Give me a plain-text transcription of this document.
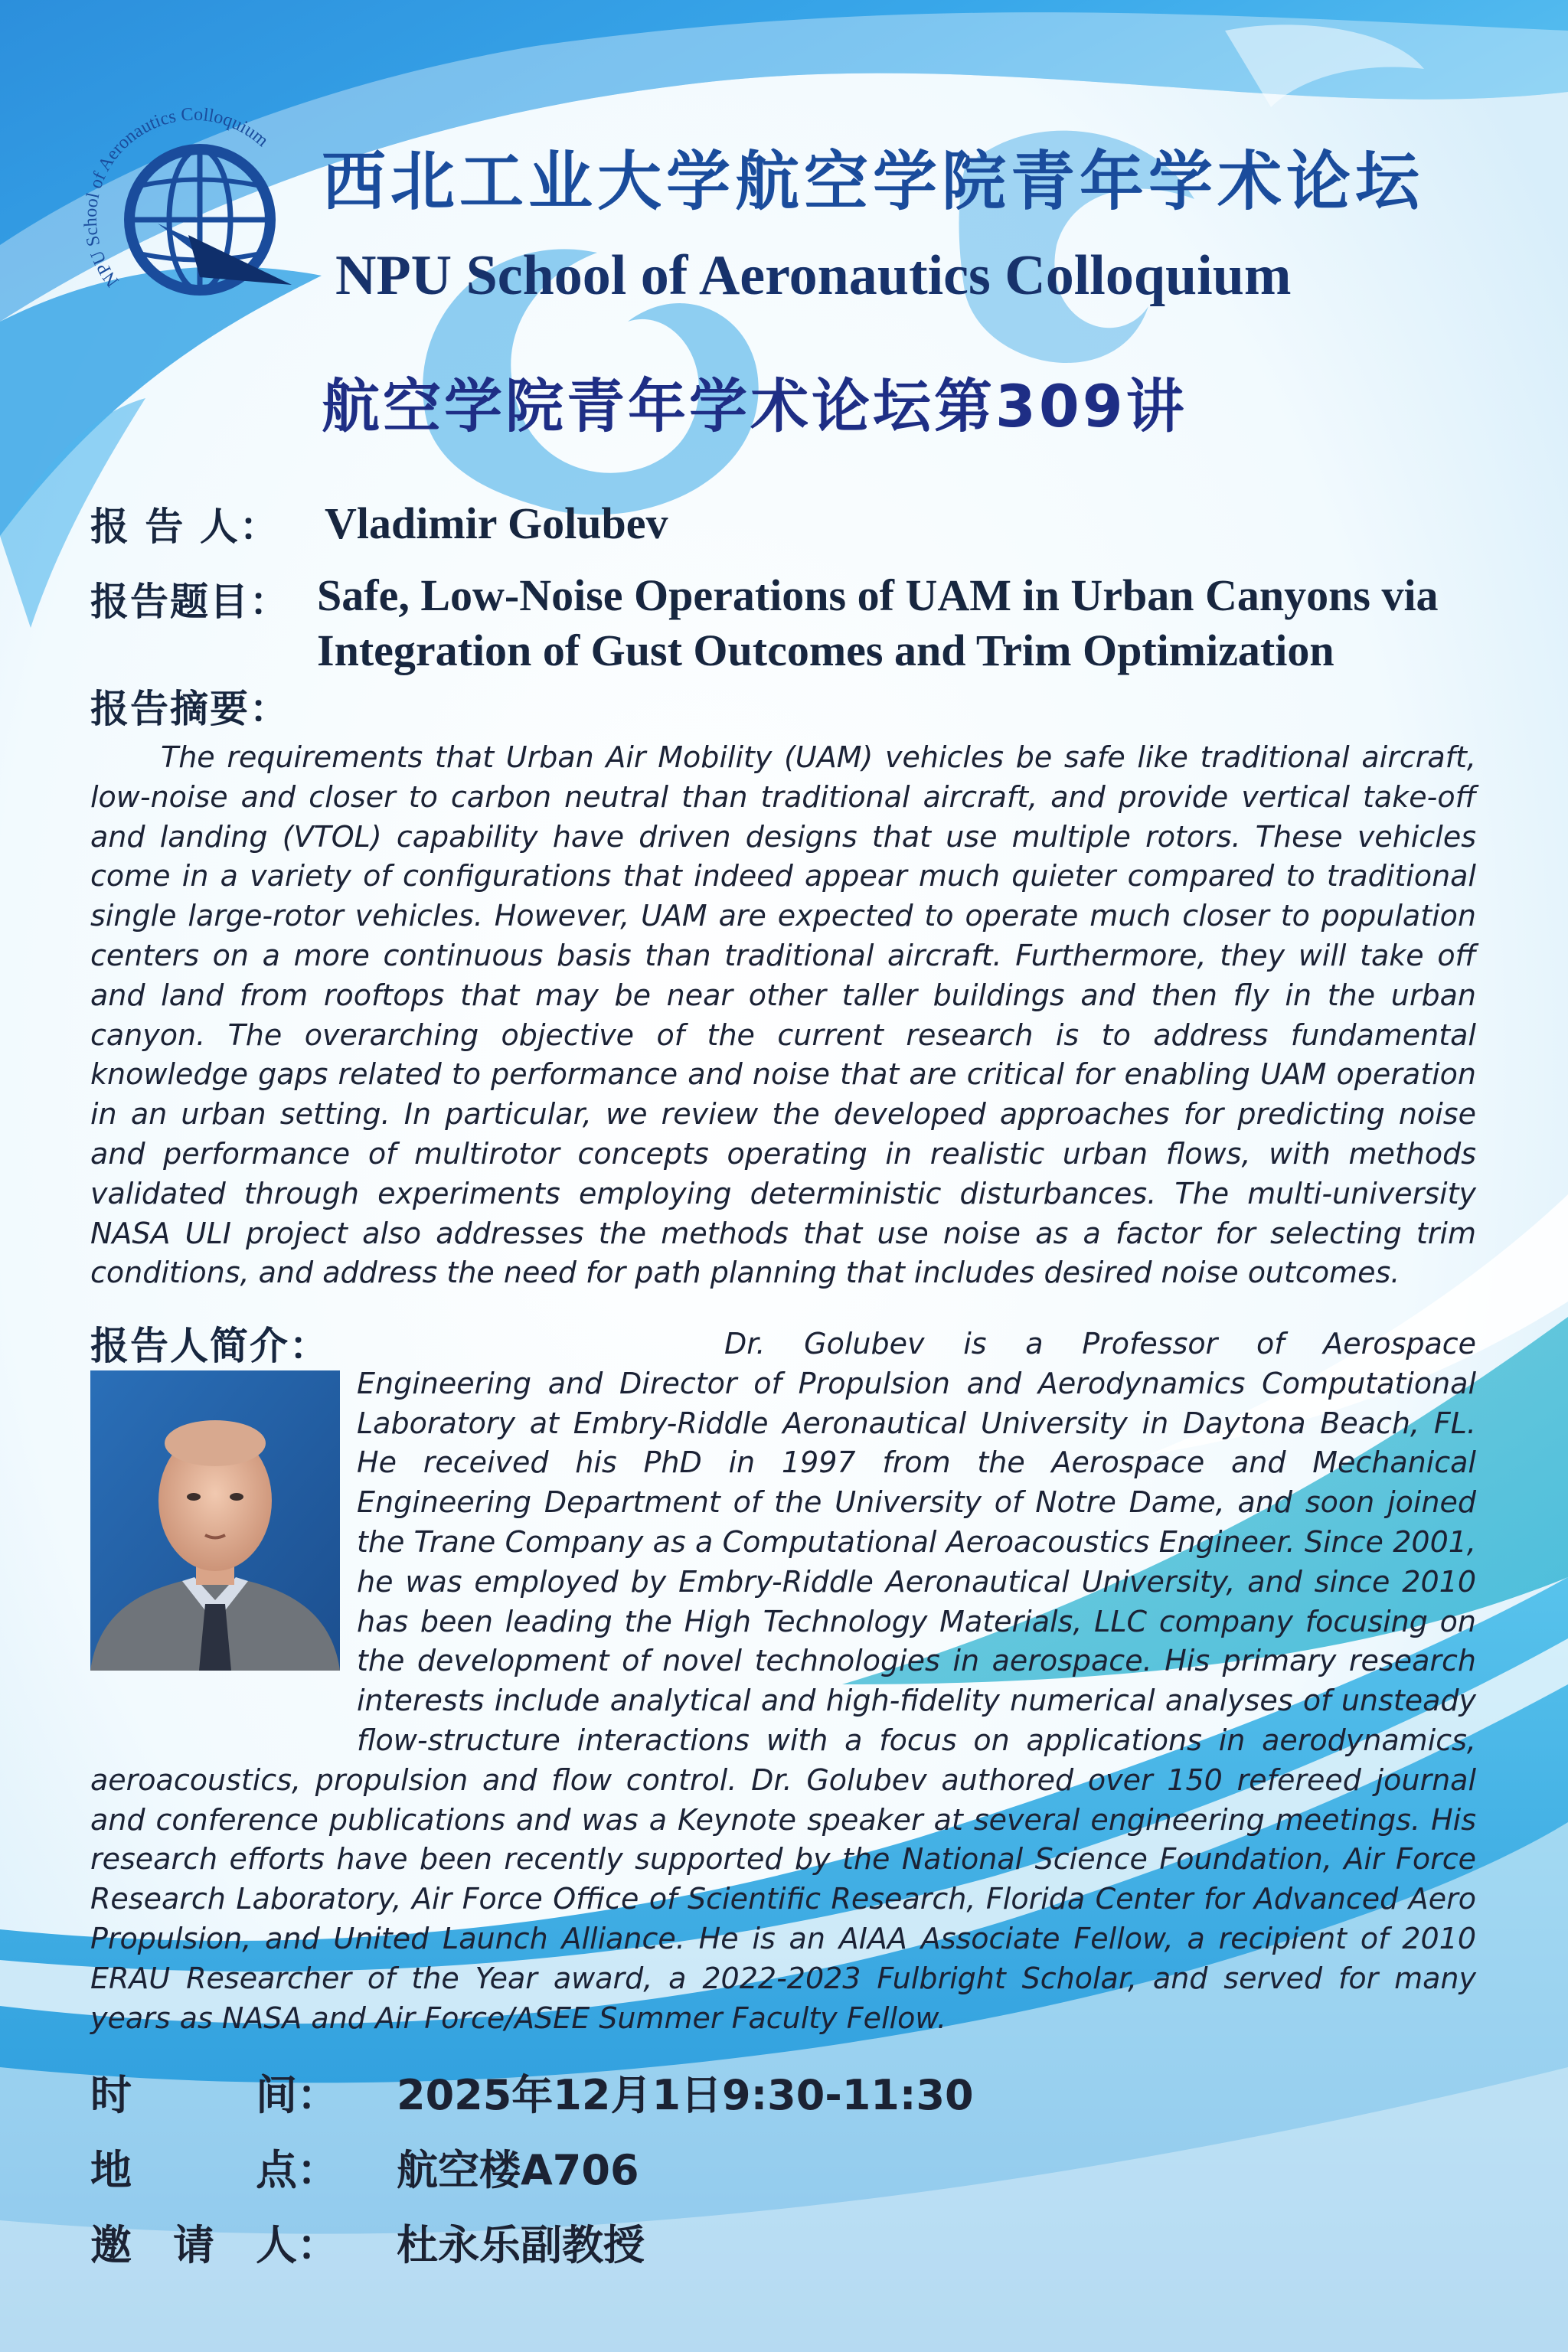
NPU School of Aeronautics Colloquium
西北工业大学航空学院青年学术论坛
NPU School of Aeronautics Colloquium
航空学院青年学术论坛第309讲
报 告 人： Vladimir Golubev
报告题目： Safe, Low-Noise Operations of UAM in Urban Canyons via Integration of Gust Outcomes and Trim Optimization
报告摘要：

The requirements that Urban Air Mobility (UAM) vehicles be safe like traditional aircraft, low-noise and closer to carbon neutral than traditional aircraft, and provide vertical take-off and landing (VTOL) capability have driven designs that use multiple rotors. These vehicles come in a variety of configurations that indeed appear much quieter compared to traditional single large-rotor vehicles. However, UAM are expected to operate much closer to population centers on a more continuous basis than traditional aircraft. Furthermore, they will take off and land from rooftops that may be near other taller buildings and then fly in the urban canyon. The overarching objective of the current research is to address fundamental knowledge gaps related to performance and noise that are critical for enabling UAM operation in an urban setting. In particular, we review the developed approaches for predicting noise and performance of multirotor concepts operating in realistic urban flows, with methods validated through experiments employing deterministic disturbances. The multi-university NASA ULI project also addresses the methods that use noise as a factor for selecting trim conditions, and address the need for path planning that includes desired noise outcomes.

Dr. Golubev is a Professor of Aerospace Engineering and Director of Propulsion and Aerodynamics Computational Laboratory at Embry-Riddle Aeronautical University in Daytona Beach, FL. He received his PhD in 1997 from the Aerospace and Mechanical Engineering Department of the University of Notre Dame, and soon joined the Trane Company as a Computational Aeroacoustics Engineer. Since 2001, he was employed by Embry-Riddle Aeronautical University, and since 2010 has been leading the High Technology Materials, LLC company focusing on the development of novel technologies in aerospace. His primary research interests include analytical and high-fidelity numerical analyses of unsteady flow-structure interactions with a focus on applications in aerodynamics, aeroacoustics, propulsion and flow control. Dr. Golubev authored over 150 refereed journal and conference publications and was a Keynote speaker at several engineering meetings. His research efforts have been recently supported by the National Science Foundation, Air Force Research Laboratory, Air Force Office of Scientific Research, Florida Center for Advanced Aero Propulsion, and United Launch Alliance. He is an AIAA Associate Fellow, a recipient of 2010 ERAU Researcher of the Year award, a 2022-2023 Fulbright Scholar, and served for many years as NASA and Air Force/ASEE Summer Faculty Fellow.

报告人简介：
时　　　间： 2025年12月1日9:30-11:30
地　　　点： 航空楼A706
邀　请　人： 杜永乐副教授
